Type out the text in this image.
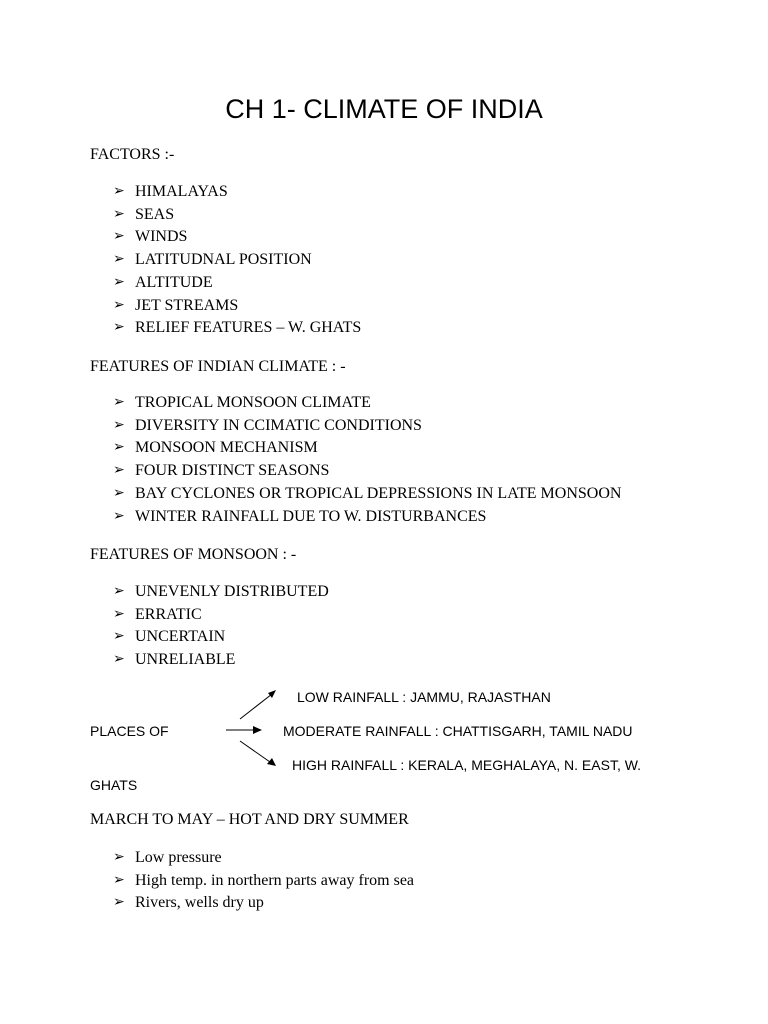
CH 1- CLIMATE OF INDIA
FACTORS :-
➢ HIMALAYAS
➢ SEAS
➢ WINDS
➢ LATITUDNAL POSITION
➢ ALTITUDE
➢ JET STREAMS
➢ RELIEF FEATURES – W. GHATS
FEATURES OF INDIAN CLIMATE : -
➢ TROPICAL MONSOON CLIMATE
➢ DIVERSITY IN CCIMATIC CONDITIONS
➢ MONSOON MECHANISM
➢ FOUR DISTINCT SEASONS
➢ BAY CYCLONES OR TROPICAL DEPRESSIONS IN LATE MONSOON
➢ WINTER RAINFALL DUE TO W. DISTURBANCES
FEATURES OF MONSOON : -
➢ UNEVENLY DISTRIBUTED
➢ ERRATIC
➢ UNCERTAIN
➢ UNRELIABLE
LOW RAINFALL : JAMMU, RAJASTHAN
PLACES OF	MODERATE RAINFALL : CHATTISGARH, TAMIL NADU
HIGH RAINFALL : KERALA, MEGHALAYA, N. EAST, W.
GHATS
MARCH TO MAY – HOT AND DRY SUMMER
➢ Low pressure
➢ High temp. in northern parts away from sea
➢ Rivers, wells dry up
